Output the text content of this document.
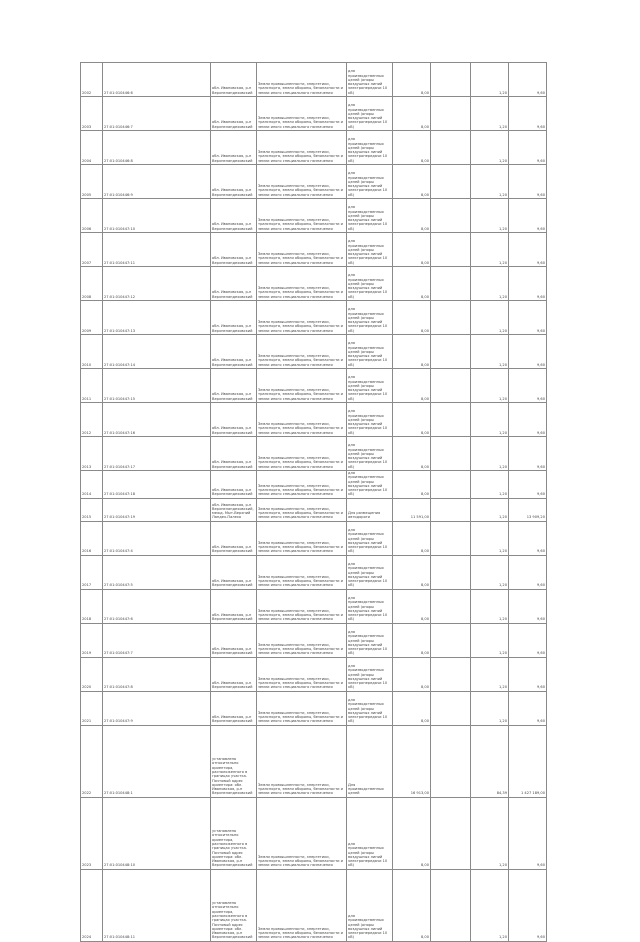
2002	27:01:010446:6	обл. Ивановская, р-н Верхнеландеховский	Земли промышленности, энергетики, транспорта, земли обороны, безопасности и земли иного специального назначения	для производственных целей (опоры воздушных линий электропередачи 10 кВ)	8,00		1,20	9,60
2003	27:01:010446:7	обл. Ивановская, р-н Верхнеландеховский	Земли промышленности, энергетики, транспорта, земли обороны, безопасности и земли иного специального назначения	для производственных целей (опоры воздушных линий электропередачи 10 кВ)	8,00		1,20	9,60
2004	27:01:010446:8	обл. Ивановская, р-н Верхнеландеховский	Земли промышленности, энергетики, транспорта, земли обороны, безопасности и земли иного специального назначения	для производственных целей (опоры воздушных линий электропередачи 10 кВ)	8,00		1,20	9,60
2005	27:01:010446:9	обл. Ивановская, р-н Верхнеландеховский	Земли промышленности, энергетики, транспорта, земли обороны, безопасности и земли иного специального назначения	для производственных целей (опоры воздушных линий электропередачи 10 кВ)	8,00		1,20	9,60
2006	27:01:010447:10	обл. Ивановская, р-н Верхнеландеховский	Земли промышленности, энергетики, транспорта, земли обороны, безопасности и земли иного специального назначения	для производственных целей (опоры воздушных линий электропередачи 10 кВ)	8,00		1,20	9,60
2007	27:01:010447:11	обл. Ивановская, р-н Верхнеландеховский	Земли промышленности, энергетики, транспорта, земли обороны, безопасности и земли иного специального назначения	для производственных целей (опоры воздушных линий электропередачи 10 кВ)	8,00		1,20	9,60
2008	27:01:010447:12	обл. Ивановская, р-н Верхнеландеховский	Земли промышленности, энергетики, транспорта, земли обороны, безопасности и земли иного специального назначения	для производственных целей (опоры воздушных линий электропередачи 10 кВ)	8,00		1,20	9,60
2009	27:01:010447:13	обл. Ивановская, р-н Верхнеландеховский	Земли промышленности, энергетики, транспорта, земли обороны, безопасности и земли иного специального назначения	для производственных целей (опоры воздушных линий электропередачи 10 кВ)	8,00		1,20	9,60
2010	27:01:010447:14	обл. Ивановская, р-н Верхнеландеховский	Земли промышленности, энергетики, транспорта, земли обороны, безопасности и земли иного специального назначения	для производственных целей (опоры воздушных линий электропередачи 10 кВ)	8,00		1,20	9,60
2011	27:01:010447:15	обл. Ивановская, р-н Верхнеландеховский	Земли промышленности, энергетики, транспорта, земли обороны, безопасности и земли иного специального назначения	для производственных целей (опоры воздушных линий электропередачи 10 кВ)	8,00		1,20	9,60
2012	27:01:010447:16	обл. Ивановская, р-н Верхнеландеховский	Земли промышленности, энергетики, транспорта, земли обороны, безопасности и земли иного специального назначения	для производственных целей (опоры воздушных линий электропередачи 10 кВ)	8,00		1,20	9,60
2013	27:01:010447:17	обл. Ивановская, р-н Верхнеландеховский	Земли промышленности, энергетики, транспорта, земли обороны, безопасности и земли иного специального назначения	для производственных целей (опоры воздушных линий электропередачи 10 кВ)	8,00		1,20	9,60
2014	27:01:010447:18	обл. Ивановская, р-н Верхнеландеховский	Земли промышленности, энергетики, транспорта, земли обороны, безопасности и земли иного специального назначения	для производственных целей (опоры воздушных линий электропередачи 10 кВ)	8,00		1,20	9,60
2015	27:01:010447:19	обл. Ивановская, р-н Верхнеландеховский, межд. Мыт-Верхний Ландех-Палехо	Земли промышленности, энергетики, транспорта, земли обороны, безопасности и земли иного специального назначения	Для размещения автодороги	11 591,00		1,20	13 909,20
2016	27:01:010447:4	обл. Ивановская, р-н Верхнеландеховский	Земли промышленности, энергетики, транспорта, земли обороны, безопасности и земли иного специального назначения	для производственных целей (опоры воздушных линий электропередачи 10 кВ)	8,00		1,20	9,60
2017	27:01:010447:5	обл. Ивановская, р-н Верхнеландеховский	Земли промышленности, энергетики, транспорта, земли обороны, безопасности и земли иного специального назначения	для производственных целей (опоры воздушных линий электропередачи 10 кВ)	8,00		1,20	9,60
2018	27:01:010447:6	обл. Ивановская, р-н Верхнеландеховский	Земли промышленности, энергетики, транспорта, земли обороны, безопасности и земли иного специального назначения	для производственных целей (опоры воздушных линий электропередачи 10 кВ)	8,00		1,20	9,60
2019	27:01:010447:7	обл. Ивановская, р-н Верхнеландеховский	Земли промышленности, энергетики, транспорта, земли обороны, безопасности и земли иного специального назначения	для производственных целей (опоры воздушных линий электропередачи 10 кВ)	8,00		1,20	9,60
2020	27:01:010447:8	обл. Ивановская, р-н Верхнеландеховский	Земли промышленности, энергетики, транспорта, земли обороны, безопасности и земли иного специального назначения	для производственных целей (опоры воздушных линий электропередачи 10 кВ)	8,00		1,20	9,60
2021	27:01:010447:9	обл. Ивановская, р-н Верхнеландеховский	Земли промышленности, энергетики, транспорта, земли обороны, безопасности и земли иного специального назначения	для производственных целей (опоры воздушных линий электропередачи 10 кВ)	8,00		1,20	9,60
2022	27:01:010448:1	установлено относительно ориентира, расположенного в границах участка. Почтовый адрес ориентира: обл. Ивановская, р-н Верхнеландеховский	Земли промышленности, энергетики, транспорта, земли обороны, безопасности и земли иного специального назначения	Для производственных целей	16 913,00		84,39	1 427 189,00
2023	27:01:010448:10	установлено относительно ориентира, расположенного в границах участка. Почтовый адрес ориентира: обл. Ивановская, р-н Верхнеландеховский	Земли промышленности, энергетики, транспорта, земли обороны, безопасности и земли иного специального назначения	для производственных целей (опоры воздушных линий электропередачи 10 кВ)	8,00		1,20	9,60
2024	27:01:010448:11	установлено относительно ориентира, расположенного в границах участка. Почтовый адрес ориентира: обл. Ивановская, р-н Верхнеландеховский	Земли промышленности, энергетики, транспорта, земли обороны, безопасности и земли иного специального назначения	для производственных целей (опоры воздушных линий электропередачи 10 кВ)	8,00		1,20	9,60
